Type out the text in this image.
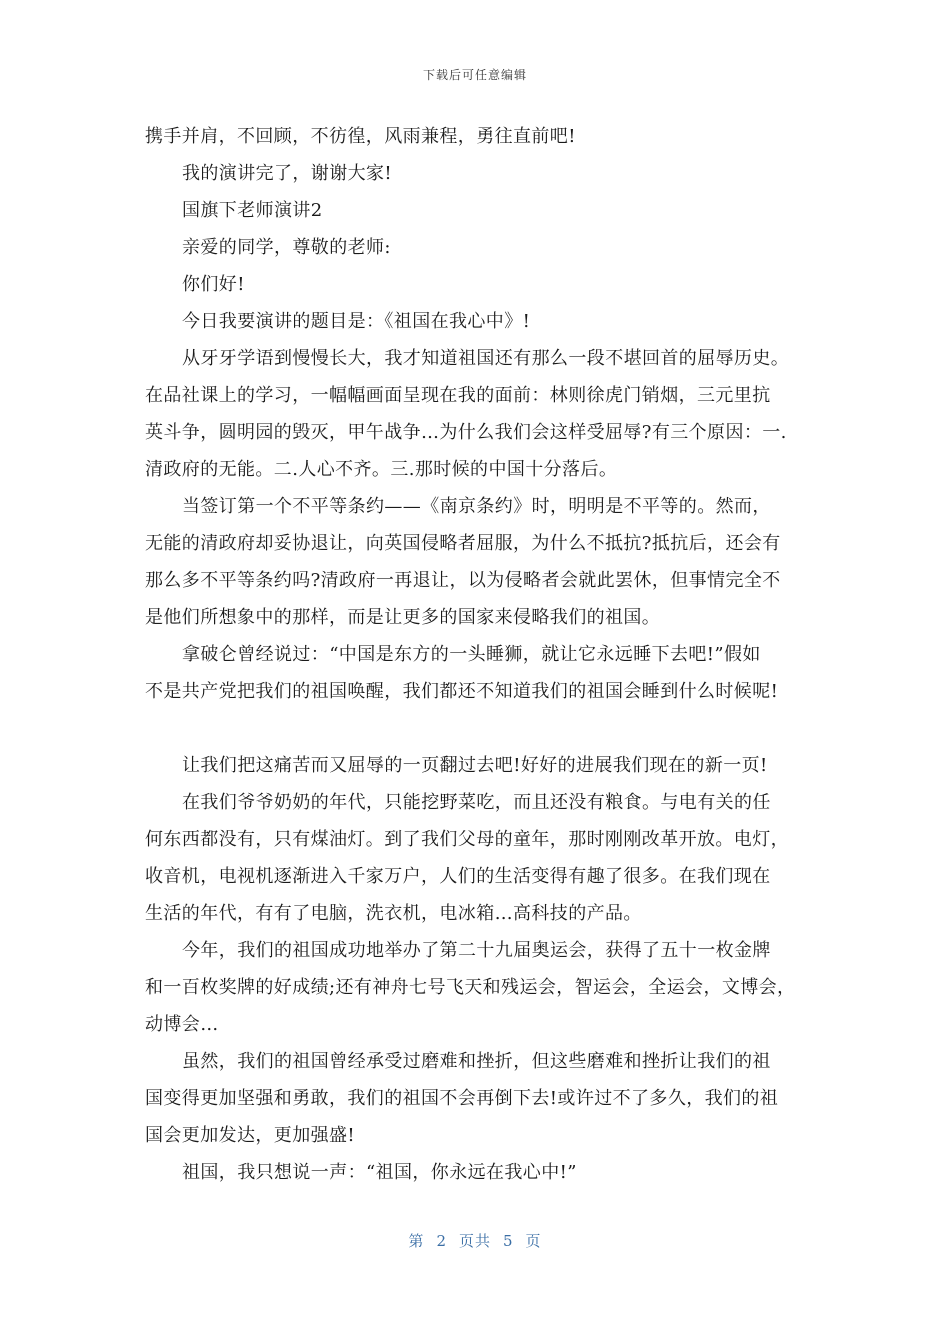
下载后可任意编辑
携手并肩，不回顾，不彷徨，风雨兼程，勇往直前吧!
我的演讲完了，谢谢大家!
国旗下老师演讲2
亲爱的同学，尊敬的老师:
你们好!
今日我要演讲的题目是：《祖国在我心中》!
从牙牙学语到慢慢长大，我才知道祖国还有那么一段不堪回首的屈辱历史。
在品社课上的学习，一幅幅画面呈现在我的面前：林则徐虎门销烟，三元里抗
英斗争，圆明园的毁灭，甲午战争…为什么我们会这样受屈辱?有三个原因：一.
清政府的无能。二.人心不齐。三.那时候的中国十分落后。
当签订第一个不平等条约——《南京条约》时，明明是不平等的。然而，
无能的清政府却妥协退让，向英国侵略者屈服，为什么不抵抗?抵抗后，还会有
那么多不平等条约吗?清政府一再退让，以为侵略者会就此罢休，但事情完全不
是他们所想象中的那样，而是让更多的国家来侵略我们的祖国。
拿破仑曾经说过：“中国是东方的一头睡狮，就让它永远睡下去吧!”假如
不是共产党把我们的祖国唤醒，我们都还不知道我们的祖国会睡到什么时候呢!
让我们把这痛苦而又屈辱的一页翻过去吧!好好的进展我们现在的新一页!
在我们爷爷奶奶的年代，只能挖野菜吃，而且还没有粮食。与电有关的任
何东西都没有，只有煤油灯。到了我们父母的童年，那时刚刚改革开放。电灯，
收音机，电视机逐渐进入千家万户，人们的生活变得有趣了很多。在我们现在
生活的年代，有有了电脑，洗衣机，电冰箱…高科技的产品。
今年，我们的祖国成功地举办了第二十九届奥运会，获得了五十一枚金牌
和一百枚奖牌的好成绩;还有神舟七号飞天和残运会，智运会，全运会，文博会，
动博会…
虽然，我们的祖国曾经承受过磨难和挫折，但这些磨难和挫折让我们的祖
国变得更加坚强和勇敢，我们的祖国不会再倒下去!或许过不了多久，我们的祖
国会更加发达，更加强盛!
祖国，我只想说一声：“祖国，你永远在我心中!”
第 2 页共 5 页
